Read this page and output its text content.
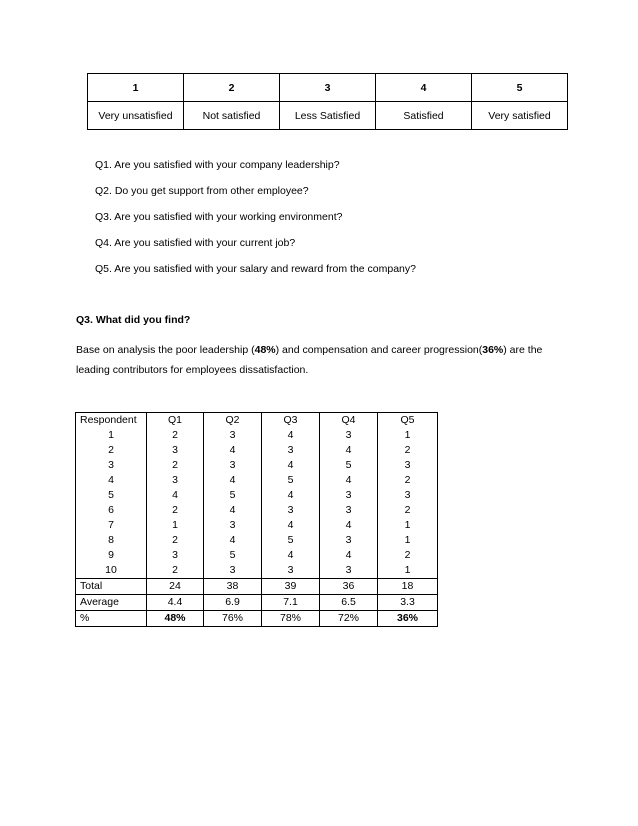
1	2	3	4	5
Very unsatisfied	Not satisfied	Less Satisfied	Satisfied	Very satisfied
Q1. Are you satisfied with your company leadership?
Q2. Do you get support from other employee?
Q3. Are you satisfied with your working environment?
Q4. Are you satisfied with your current job?
Q5. Are you satisfied with your salary and reward from the company?
Q3. What did you find?
Base on analysis the poor leadership (48%) and compensation and career progression(36%) are the leading contributors for employees dissatisfaction.
Respondent	Q1	Q2	Q3	Q4	Q5
1	2	3	4	3	1
2	3	4	3	4	2
3	2	3	4	5	3
4	3	4	5	4	2
5	4	5	4	3	3
6	2	4	3	3	2
7	1	3	4	4	1
8	2	4	5	3	1
9	3	5	4	4	2
10	2	3	3	3	1
Total	24	38	39	36	18
Average	4.4	6.9	7.1	6.5	3.3
%	48%	76%	78%	72%	36%
